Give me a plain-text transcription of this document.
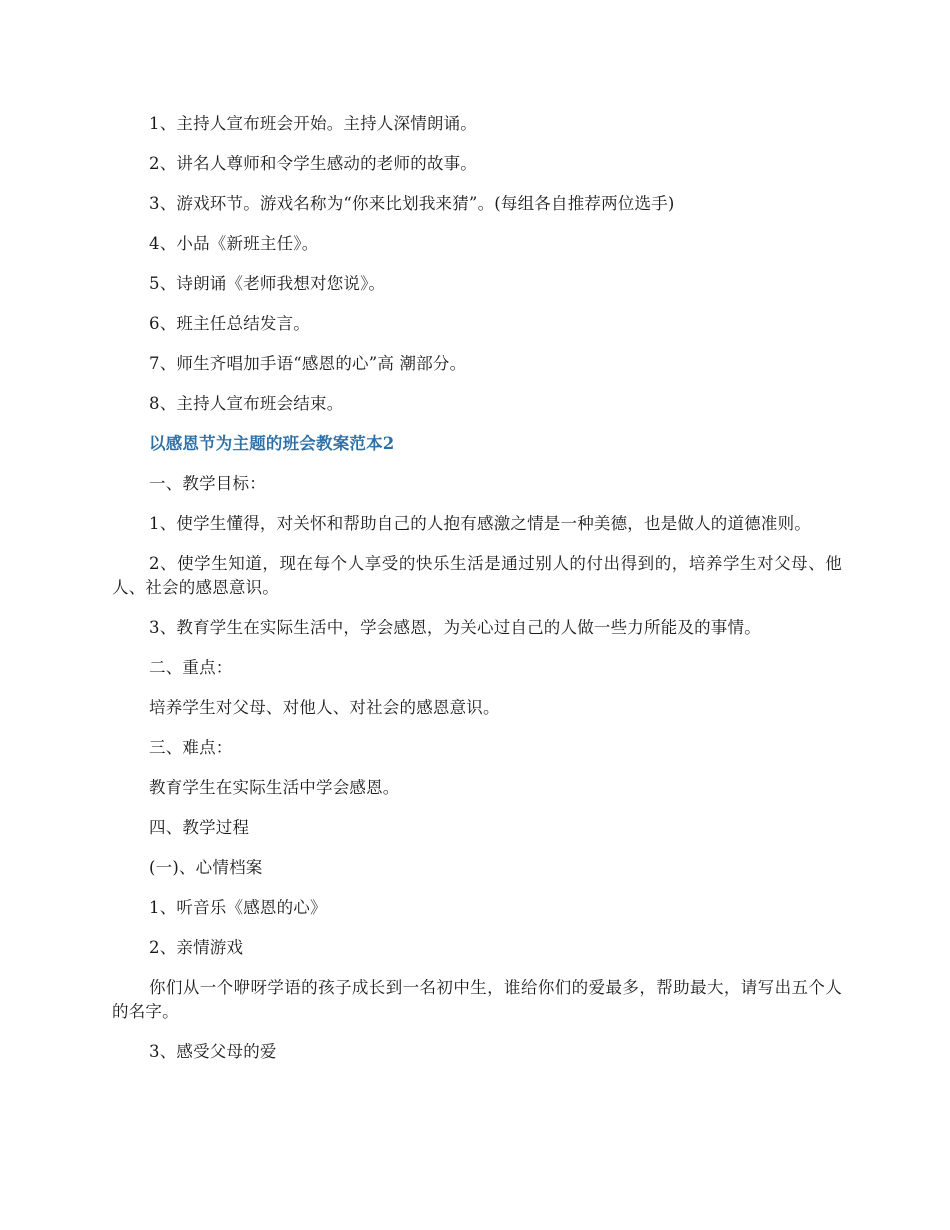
1、主持人宣布班会开始。主持人深情朗诵。

2、讲名人尊师和令学生感动的老师的故事。

3、游戏环节。游戏名称为“你来比划我来猜”。(每组各自推荐两位选手)

4、小品《新班主任》。

5、诗朗诵《老师我想对您说》。

6、班主任总结发言。

7、师生齐唱加手语“感恩的心”高 潮部分。

8、主持人宣布班会结束。

以感恩节为主题的班会教案范本2

一、教学目标：

1、使学生懂得，对关怀和帮助自己的人抱有感激之情是一种美德，也是做人的道德准则。

2、使学生知道，现在每个人享受的快乐生活是通过别人的付出得到的，培养学生对父母、他人、社会的感恩意识。

3、教育学生在实际生活中，学会感恩，为关心过自己的人做一些力所能及的事情。

二、重点：

培养学生对父母、对他人、对社会的感恩意识。

三、难点：

教育学生在实际生活中学会感恩。

四、教学过程

(一)、心情档案

1、听音乐《感恩的心》

2、亲情游戏

你们从一个咿呀学语的孩子成长到一名初中生，谁给你们的爱最多，帮助最大，请写出五个人的名字。

3、感受父母的爱
